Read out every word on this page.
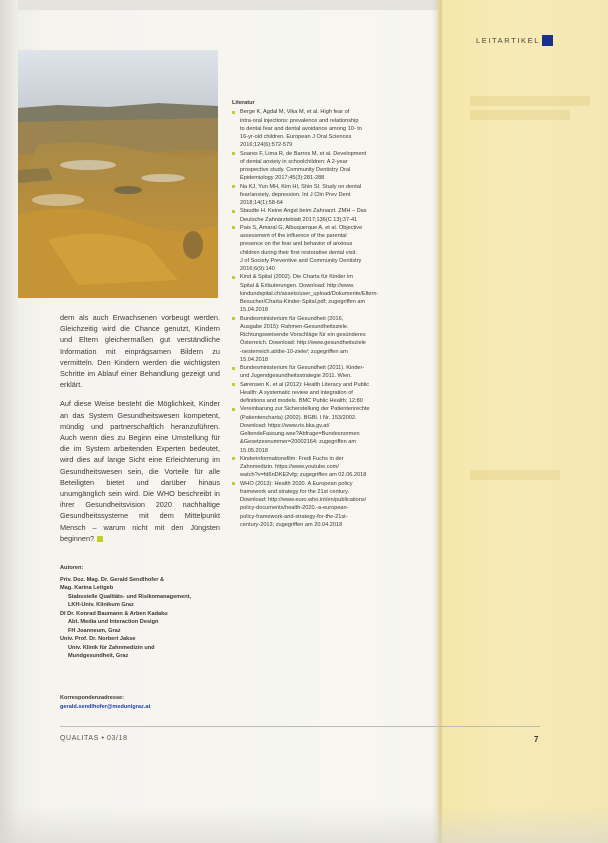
LEITARTIKEL

dern als auch Erwachsenen vorbeugt werden. Gleichzeitig wird die Chance genutzt, Kindern und Eltern gleichermaßen gut verständliche Information mit einprägsamen Bildern zu vermitteln. Den Kindern werden die wichtigsten Schritte im Ablauf einer Behandlung gezeigt und erklärt.

Auf diese Weise besteht die Möglichkeit, Kinder an das System Gesundheitswesen kompetent, mündig und partnerschaftlich heranzuführen. Auch wenn dies zu Beginn eine Umstellung für die im System arbeitenden Experten bedeutet, wird dies auf lange Sicht eine Erleichterung im Gesundheitswesen sein, die Vorteile für alle Beteiligten bietet und darüber hinaus unumgänglich sein wird. Die WHO beschreibt in ihrer Gesundheitsvision 2020 nachhaltige Gesundheitssysteme mit dem Mittelpunkt Mensch – warum nicht mit den Jüngsten beginnen?

Autoren:
Priv. Doz. Mag. Dr. Gerald Sendlhofer &
Mag. Karina Leitgeb
Stabsstelle Qualitäts- und Risikomanagement,
LKH-Univ. Klinikum Graz
DI Dr. Konrad Baumann & Arben Kadaku
Abt. Media und Interaction Design
FH Joanneum, Graz
Univ. Prof. Dr. Norbert Jakse
Univ. Klinik für Zahnmedizin und
Mundgesundheit, Graz
Korrespondenzadresse:
gerald.sendlhofer@medunigraz.at
Literatur
Berge K, Agdal M, Vika M, et al. High fear of
intra-oral injections: prevalence and relationship
to dental fear and dental avoidance among 10- to
16-yr-old children. European J Oral Sciences
2016;124(6):572-579
Soares F, Lima R, de Barros M, et al. Development
of dental anxiety in schoolchildren: A 2-year
prospective study. Community Dentistry Oral
Epidemiology 2017;45(3):281-288
Na KJ, Yun MH, Kim HI, Shin SI. Study on dental
fear/anxiety, depression. Int J Clin Prev Dent
2018;14(1):58-64
Staudte H. Keine Angst beim Zahnarzt. ZMH – Das
Deutsche Zahnärzteblatt 2017;136(C 13):37-41
Pais S, Amaral G, Albuquerque A, et al. Objective
assessment of the influence of the parental
presence on the fear and behavior of anxious
children during their first restorative dental visit.
J of Society Preventive and Community Dentistry
2016;6(9):140
Kind & Spital (2002). Die Charta für Kinder im
Spital & Erläuterungen. Download: http://www.
kindundspital.ch/assets/user_upload/Dokumente/Eltern-
Besucher/Charta-Kinder-Spital.pdf; zugegriffen am
15.04.2018
Bundesministerium für Gesundheit (2016,
Ausgabe 2015): Rahmen-Gesundheitsziele.
Richtungsweisende Vorschläge für ein gesünderes
Österreich. Download: http://www.gesundheitsziele
-oesterreich.at/die-10-ziele/; zugegriffen am
15.04.2018
Bundesministerium für Gesundheit (2011). Kinder-
und Jugendgesundheitsstrategie 2011. Wien.
Sørensen K, et al (2012): Health Literacy and Public
Health: A systematic review and integration of
definitions and models. BMC Public Health; 12:80
Vereinbarung zur Sicherstellung der Patientenrechte
(Patientencharta) (2002). BGBl. I Nr. 153/2002.
Download: https://www.ris.bka.gv.at/
GeltendeFassung.wxe?Abfrage=Bundesnormen
&Gesetzesnummer=20002164; zugegriffen am
15.05.2018
Kinderinformationsfilm: Fredi Fuchs in der
Zahnmedizin. https://www.youtube.com/
watch?v=fd6nDKE2vfg; zugegriffen am 02.06.2018
WHO (2013): Health 2020. A European policy
framework and strategy for the 21st century.
Download: http://www.euro.who.int/en/publications/
policy-documents/health-2020.-a-european-
policy-framework-and-strategy-for-the-21st-
century-2013; zugegriffen am 20.04.2018
QUALITAS • 03/18	7
